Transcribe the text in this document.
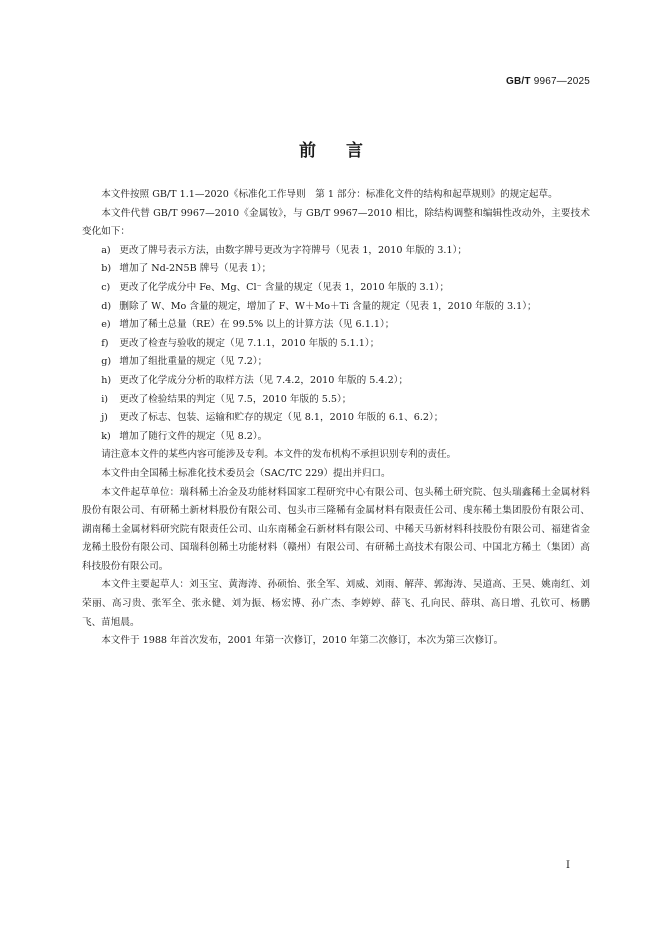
GB/T 9967—2025
前言

本文件按照 GB/T 1.1—2020《标准化工作导则　第 1 部分：标准化文件的结构和起草规则》的规定起草。

本文件代替 GB/T 9967—2010《金属钕》，与 GB/T 9967—2010 相比，除结构调整和编辑性改动外，主要技术变化如下：

a) 更改了牌号表示方法，由数字牌号更改为字符牌号（见表 1，2010 年版的 3.1）；
b) 增加了 Nd-2N5B 牌号（见表 1）；
c) 更改了化学成分中 Fe、Mg、Cl⁻ 含量的规定（见表 1，2010 年版的 3.1）；
d) 删除了 W、Mo 含量的规定，增加了 F、W＋Mo＋Ti 含量的规定（见表 1，2010 年版的 3.1）；
e) 增加了稀土总量（RE）在 99.5% 以上的计算方法（见 6.1.1）；
f)	更改了检查与验收的规定（见 7.1.1，2010 年版的 5.1.1）；
g) 增加了组批重量的规定（见 7.2）；
h) 更改了化学成分分析的取样方法（见 7.4.2，2010 年版的 5.4.2）；
i)	更改了检验结果的判定（见 7.5，2010 年版的 5.5）；
j)	更改了标志、包装、运输和贮存的规定（见 8.1，2010 年版的 6.1、6.2）；
k) 增加了随行文件的规定（见 8.2）。

请注意本文件的某些内容可能涉及专利。本文件的发布机构不承担识别专利的责任。

本文件由全国稀土标准化技术委员会（SAC/TC 229）提出并归口。

本文件起草单位：瑞科稀土冶金及功能材料国家工程研究中心有限公司、包头稀土研究院、包头瑞鑫稀土金属材料股份有限公司、有研稀土新材料股份有限公司、包头市三隆稀有金属材料有限责任公司、虔东稀土集团股份有限公司、湖南稀土金属材料研究院有限责任公司、山东南稀金石新材料有限公司、中稀天马新材料科技股份有限公司、福建省金龙稀土股份有限公司、国瑞科创稀土功能材料（赣州）有限公司、有研稀土高技术有限公司、中国北方稀土（集团）高科技股份有限公司。

本文件主要起草人：刘玉宝、黄海涛、孙硕怡、张全军、刘威、刘雨、解萍、郭海涛、吴道高、王昊、姚南红、刘荣丽、高习贵、张军全、张永健、刘为振、杨宏博、孙广杰、李婷婷、薛飞、孔向民、薛琪、高日增、孔钦可、杨鹏飞、苗旭晨。

本文件于 1988 年首次发布，2001 年第一次修订，2010 年第二次修订，本次为第三次修订。

I
